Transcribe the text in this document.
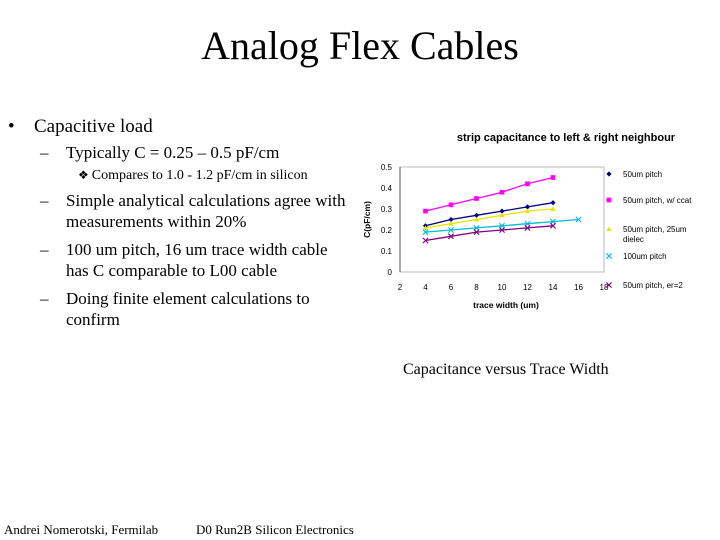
Analog Flex Cables
• Capacitive load
– Typically C = 0.25 – 0.5 pF/cm
❖ Compares to 1.0 - 1.2 pF/cm in silicon
– Simple analytical calculations agree with measurements within 20%
– 100 um pitch, 16 um trace width cable has C comparable to L00 cable
– Doing finite element calculations to confirm
strip capacitance to left & right neighbour
0
0.1
0.2
0.3
0.4
0.5
2	4	6	8 10 12 14 16 18
trace width (um)
C(pF/cm)
50um pitch
50um pitch, w/ ccat
50um pitch, 25um
dielec
100um pitch
50um pitch, er=2
Capacitance versus Trace Width
Andrei Nomerotski, Fermilab	D0 Run2B Silicon Electronics
